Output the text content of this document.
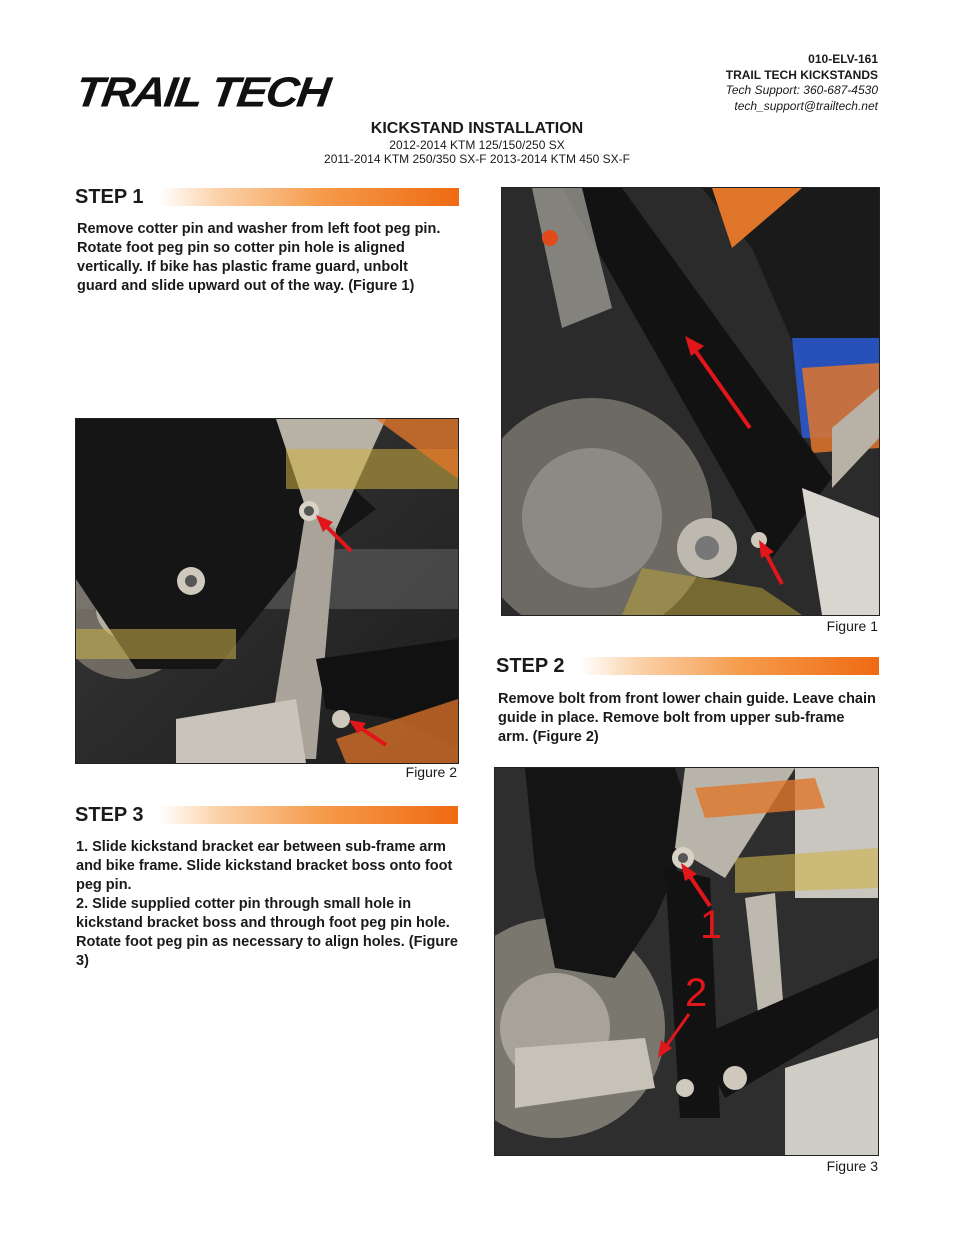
TRAIL TECH
010-ELV-161
TRAIL TECH KICKSTANDS
Tech Support: 360-687-4530
tech_support@trailtech.net
KICKSTAND INSTALLATION
2012-2014 KTM 125/150/250 SX
2011-2014 KTM 250/350 SX-F 2013-2014 KTM 450 SX-F
STEP 1
Remove cotter pin and washer from left foot peg pin. Rotate foot peg pin so cotter pin hole is aligned vertically. If bike has plastic frame guard, unbolt guard and slide upward out of the way. (Figure 1)
Figure 2
STEP 3
1. Slide kickstand bracket ear between sub-frame arm and bike frame. Slide kickstand bracket boss onto foot peg pin.
2. Slide supplied cotter pin through small hole in kickstand bracket boss and through foot peg pin hole. Rotate foot peg pin as necessary to align holes. (Figure 3)
Figure 1
STEP 2
Remove bolt from front lower chain guide. Leave chain guide in place. Remove bolt from upper sub-frame arm. (Figure 2)
1
2
Figure 3
